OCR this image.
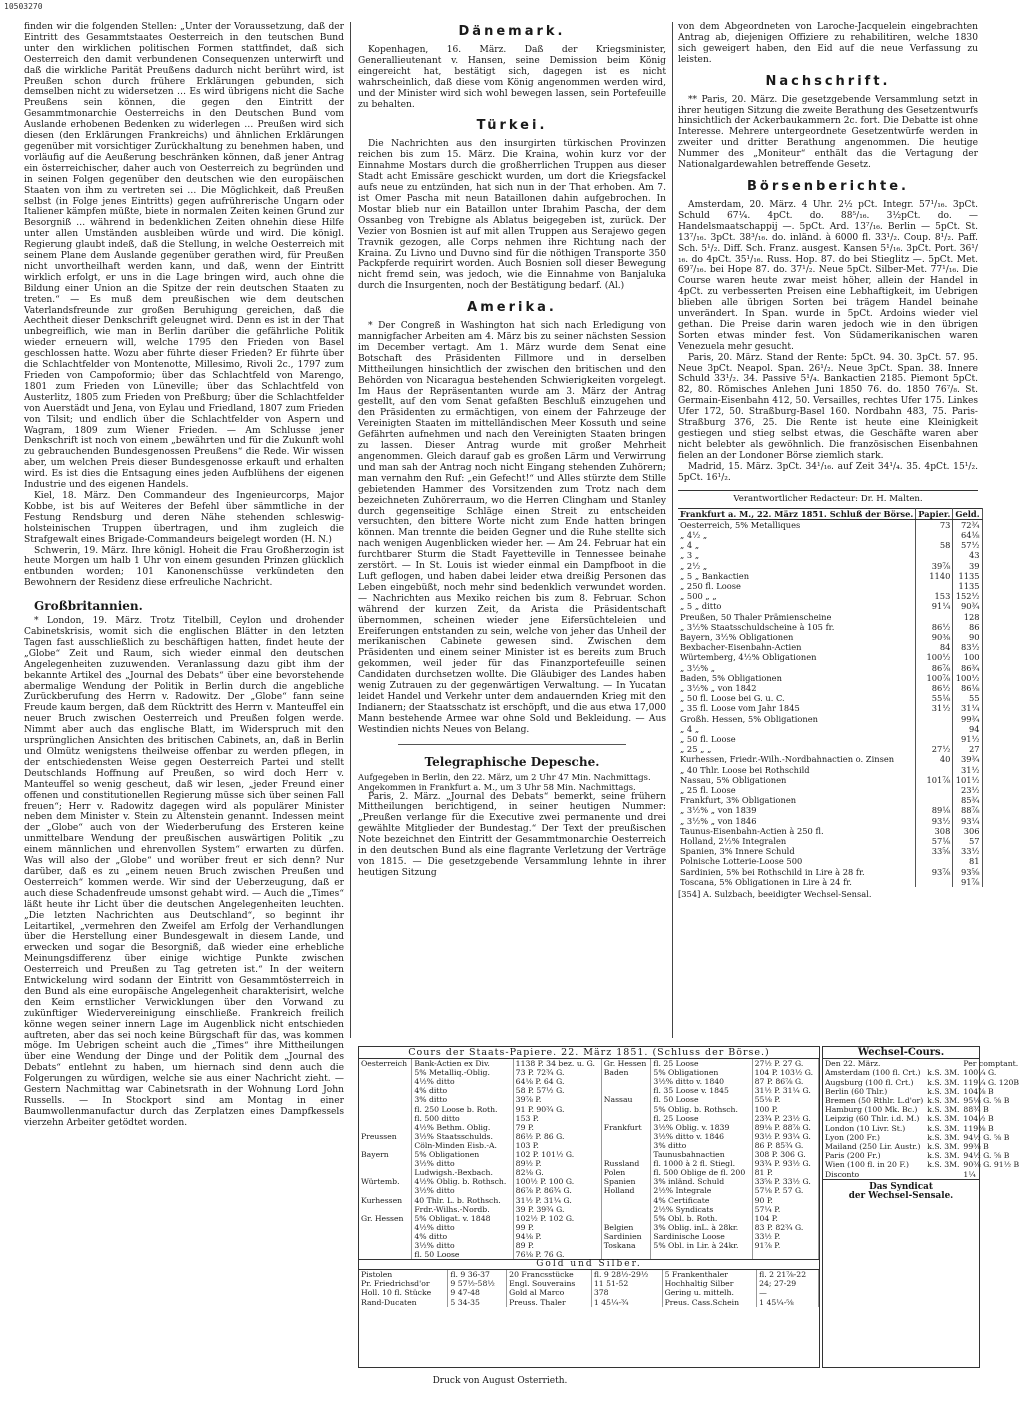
10503270

finden wir die folgenden Stellen: „Unter der Voraussetzung, daß der Eintritt des Gesammtstaates Oesterreich in den teutschen Bund unter den wirklichen politischen Formen stattfindet, daß sich Oesterreich den damit verbundenen Consequenzen unterwirft und daß die wirkliche Parität Preußens dadurch nicht berührt wird, ist Preußen schon durch frühere Erklärungen gebunden, sich demselben nicht zu widersetzen … Es wird übrigens nicht die Sache Preußens sein können, die gegen den Eintritt der Gesammtmonarchie Oesterreichs in den Deutschen Bund vom Auslande erhobenen Bedenken zu widerlegen … Preußen wird sich diesen (den Erklärungen Frankreichs) und ähnlichen Erklärungen gegenüber mit vorsichtiger Zurückhaltung zu benehmen haben, und vorläufig auf die Aeußerung beschränken können, daß jener Antrag ein österreichischer, daher auch von Oesterreich zu begründen und in seinen Folgen gegenüber den deutschen wie den europäischen Staaten von ihm zu vertreten sei … Die Möglichkeit, daß Preußen selbst (in Folge jenes Eintritts) gegen aufrührerische Ungarn oder Italiener kämpfen müßte, biete in normalen Zeiten keinen Grund zur Besorgniß … während in bedenklichen Zeiten ohnehin diese Hilfe unter allen Umständen ausbleiben würde und wird. Die königl. Regierung glaubt indeß, daß die Stellung, in welche Oesterreich mit seinem Plane dem Auslande gegenüber gerathen wird, für Preußen nicht unvortheilhaft werden kann, und daß, wenn der Eintritt wirklich erfolgt, er uns in die Lage bringen wird, auch ohne die Bildung einer Union an die Spitze der rein deutschen Staaten zu treten.“ — Es muß dem preußischen wie dem deutschen Vaterlandsfreunde zur großen Beruhigung gereichen, daß die Aechtheit dieser Denkschrift geleugnet wird. Denn es ist in der That unbegreiflich, wie man in Berlin darüber die gefährliche Politik wieder erneuern will, welche 1795 den Frieden von Basel geschlossen hatte. Wozu aber führte dieser Frieden? Er führte über die Schlachtfelder von Montenotte, Millesimo, Rivoli 2c., 1797 zum Frieden von Campoformio; über das Schlachtfeld von Marengo, 1801 zum Frieden von Lüneville; über das Schlachtfeld von Austerlitz, 1805 zum Frieden von Preßburg; über die Schlachtfelder von Auerstädt und Jena, von Eylau und Friedland, 1807 zum Frieden von Tilsit; und endlich über die Schlachtfelder von Aspern und Wagram, 1809 zum Wiener Frieden. — Am Schlusse jener Denkschrift ist noch von einem „bewährten und für die Zukunft wohl zu gebrauchenden Bundesgenossen Preußens“ die Rede. Wir wissen aber, um welchen Preis dieser Bundesgenosse erkauft und erhalten wird. Es ist dies die Entsagung eines jeden Aufblühens der eigenen Industrie und des eigenen Handels.

Kiel, 18. März. Den Commandeur des Ingenieurcorps, Major Kobbe, ist bis auf Weiteres der Befehl über sämmtliche in der Festung Rendsburg und deren Nähe stehenden schleswig-holsteinischen Truppen übertragen, und ihm zugleich die Strafgewalt eines Brigade-Commandeurs beigelegt worden (H. N.)

Schwerin, 19. März. Ihre königl. Hoheit die Frau Großherzogin ist heute Morgen um halb 1 Uhr von einem gesunden Prinzen glücklich entbunden worden; 101 Kanonenschüsse verkündeten den Bewohnern der Residenz diese erfreuliche Nachricht.

Großbritannien.

* London, 19. März. Trotz Titelbill, Ceylon und drohender Cabinetskrisis, womit sich die englischen Blätter in den letzten Tagen fast ausschließlich zu beschäftigen hatten, findet heute der „Globe“ Zeit und Raum, sich wieder einmal den deutschen Angelegenheiten zuzuwenden. Veranlassung dazu gibt ihm der bekannte Artikel des „Journal des Debats“ über eine bevorstehende abermalige Wendung der Politik in Berlin durch die angebliche Zurückberufung des Herrn v. Radowitz. Der „Globe“ fann seine Freude kaum bergen, daß dem Rücktritt des Herrn v. Manteuffel ein neuer Bruch zwischen Oesterreich und Preußen folgen werde. Nimmt aber auch das englische Blatt, im Widerspruch mit den ursprünglichen Ansichten des britischen Cabinets, an, daß in Berlin und Olmütz wenigstens theilweise offenbar zu werden pflegen, in der entschiedensten Weise gegen Oesterreich Partei und stellt Deutschlands Hoffnung auf Preußen, so wird doch Herr v. Manteuffel so wenig gescheut, daß wir lesen, „jeder Freund einer offenen und constitutionellen Regierung müsse sich über seinen Fall freuen“; Herr v. Radowitz dagegen wird als populärer Minister neben dem Minister v. Stein zu Altenstein genannt. Indessen meint der „Globe“ auch von der Wiederberufung des Ersteren keine unmittelbare Wendung der preußischen auswärtigen Politik „zu einem männlichen und ehrenvollen System“ erwarten zu dürfen. Was will also der „Globe“ und worüber freut er sich denn? Nur darüber, daß es zu „einem neuen Bruch zwischen Preußen und Oesterreich“ kommen werde. Wir sind der Ueberzeugung, daß er auch diese Schadenfreude umsonst gehabt wird. — Auch die „Times“ läßt heute ihr Licht über die deutschen Angelegenheiten leuchten. „Die letzten Nachrichten aus Deutschland“, so beginnt ihr Leitartikel, „vermehren den Zweifel am Erfolg der Verhandlungen über die Herstellung einer Bundesgewalt in diesem Lande, und erwecken und sogar die Besorgniß, daß wieder eine erhebliche Meinungsdifferenz über einige wichtige Punkte zwischen Oesterreich und Preußen zu Tag getreten ist.“ In der weitern Entwickelung wird sodann der Eintritt von Gesammtösterreich in den Bund als eine europäische Angelegenheit charakterisirt, welche den Keim ernstlicher Verwicklungen über den Vorwand zu zukünftiger Wiedervereinigung einschließe. Frankreich freilich könne wegen seiner innern Lage im Augenblick nicht entschieden auftreten, aber das sei noch keine Bürgschaft für das, was kommen möge. Im Uebrigen scheint auch die „Times“ ihre Mittheilungen über eine Wendung der Dinge und der Politik dem „Journal des Debats“ entlehnt zu haben, um hiernach sind denn auch die Folgerungen zu würdigen, welche sie aus einer Nachricht zieht. — Gestern Nachmittag war Cabinetsrath in der Wohnung Lord John Russells. — In Stockport sind am Montag in einer Baumwollenmanufactur durch das Zerplatzen eines Dampfkessels vierzehn Arbeiter getödtet worden.

Dänemark.

Kopenhagen, 16. März. Daß der Kriegsminister, Generallieutenant v. Hansen, seine Demission beim König eingereicht hat, bestätigt sich, dagegen ist es nicht wahrscheinlich, daß diese vom König angenommen werden wird, und der Minister wird sich wohl bewegen lassen, sein Portefeuille zu behalten.

Türkei.

Die Nachrichten aus den insurgirten türkischen Provinzen reichen bis zum 15. März. Die Kraina, wohin kurz vor der Einnahme Mostars durch die großherrlichen Truppen aus dieser Stadt acht Emissäre geschickt wurden, um dort die Kriegsfackel aufs neue zu entzünden, hat sich nun in der That erhoben. Am 7. ist Omer Pascha mit neun Bataillonen dahin aufgebrochen. In Mostar blieb nur ein Bataillon unter Ibrahim Pascha, der dem Ossanbeg von Trebigne als Ablatus beigegeben ist, zurück. Der Vezier von Bosnien ist auf mit allen Truppen aus Serajewo gegen Travnik gezogen, alle Corps nehmen ihre Richtung nach der Kraina. Zu Livno und Duvno sind für die nöthigen Transporte 350 Packpferde requirirt worden. Auch Bosnien soll dieser Bewegung nicht fremd sein, was jedoch, wie die Einnahme von Banjaluka durch die Insurgenten, noch der Bestätigung bedarf. (Al.)

Amerika.

* Der Congreß in Washington hat sich nach Erledigung von mannigfacher Arbeiten am 4. März bis zu seiner nächsten Session im December vertagt. Am 1. März wurde dem Senat eine Botschaft des Präsidenten Fillmore und in derselben Mittheilungen hinsichtlich der zwischen den britischen und den Behörden von Nicaragua bestehenden Schwierigkeiten vorgelegt. Im Haus der Repräsentanten wurde am 3. März der Antrag gestellt, auf den vom Senat gefaßten Beschluß einzugehen und den Präsidenten zu ermächtigen, von einem der Fahrzeuge der Vereinigten Staaten im mittelländischen Meer Kossuth und seine Gefährten aufnehmen und nach den Vereinigten Staaten bringen zu lassen. Dieser Antrag wurde mit großer Mehrheit angenommen. Gleich darauf gab es großen Lärm und Verwirrung und man sah der Antrag noch nicht Eingang stehenden Zuhörern; man vernahm den Ruf: „ein Gefecht!“ und Alles stürzte dem Stille gebietenden Hammer des Vorsitzenden zum Trotz nach dem bezeichneten Zuhörerraum, wo die Herren Clingham und Stanley durch gegenseitige Schläge einen Streit zu entscheiden versuchten, den bittere Worte nicht zum Ende hatten bringen können. Man trennte die beiden Gegner und die Ruhe stellte sich nach wenigen Augenblicken wieder her. — Am 24. Februar hat ein furchtbarer Sturm die Stadt Fayetteville in Tennessee beinahe zerstört. — In St. Louis ist wieder einmal ein Dampfboot in die Luft geflogen, und haben dabei leider etwa dreißig Personen das Leben eingebüßt, noch mehr sind bedenklich verwundet worden. — Nachrichten aus Mexiko reichen bis zum 8. Februar. Schon während der kurzen Zeit, da Arista die Präsidentschaft übernommen, scheinen wieder jene Eifersüchteleien und Ereiferungen entstanden zu sein, welche von jeher das Unheil der merikanischen Cabinete gewesen sind. Zwischen dem Präsidenten und einem seiner Minister ist es bereits zum Bruch gekommen, weil jeder für das Finanzportefeuille seinen Candidaten durchsetzen wollte. Die Gläubiger des Landes haben wenig Zutrauen zu der gegenwärtigen Verwaltung. — In Yucatan leidet Handel und Verkehr unter dem andauernden Krieg mit den Indianern; der Staatsschatz ist erschöpft, und die aus etwa 17,000 Mann bestehende Armee war ohne Sold und Bekleidung. — Aus Westindien nichts Neues von Belang.

Telegraphische Depesche.

Aufgegeben in Berlin, den 22. März, um 2 Uhr 47 Min. Nachmittags.

Angekommen in Frankfurt a. M., um 3 Uhr 58 Min. Nachmittags.

Paris, 2. März. „Journal des Debats“ bemerkt, seine frühern Mittheilungen berichtigend, in seiner heutigen Nummer: „Preußen verlange für die Executive zwei permanente und drei gewählte Mitglieder der Bundestag.“ Der Text der preußischen Note bezeichnet den Eintritt der Gesammtmonarchie Oesterreich in den deutschen Bund als eine flagrante Verletzung der Verträge von 1815. — Die gesetzgebende Versammlung lehnte in ihrer heutigen Sitzung

von dem Abgeordneten von Laroche-Jacquelein eingebrachten Antrag ab, diejenigen Offiziere zu rehabilitiren, welche 1830 sich geweigert haben, den Eid auf die neue Verfassung zu leisten.

Nachschrift.

** Paris, 20. März. Die gesetzgebende Versammlung setzt in ihrer heutigen Sitzung die zweite Berathung des Gesetzentwurfs hinsichtlich der Ackerbaukammern 2c. fort. Die Debatte ist ohne Interesse. Mehrere untergeordnete Gesetzentwürfe werden in zweiter und dritter Berathung angenommen. Die heutige Nummer des „Moniteur“ enthält das die Vertagung der Nationalgardewahlen betreffende Gesetz.

Börsenberichte.

Amsterdam, 20. März. 4 Uhr. 2½ pCt. Integr. 57¹/₁₆. 3pCt. Schuld 67¼. 4pCt. do. 88⁵/₁₆. 3½pCt. do. — Handelsmaatschappij —. 5pCt. Ard. 13⁷/₁₆. Berlin — 5pCt. St. 13⁷/₁₆. 3pCt. 38³/₁₆. do. inländ. à 6000 fl. 33¹/₂. Coup. 8¹/₂. Paff. Sch. 5¹/₂. Diff. Sch. Franz. ausgest. Kansen 5¹/₁₆. 3pCt. Port. 36¹/₁₆. do 4pCt. 35¹/₁₆. Russ. Hop. 87. do bei Stieglitz —. 5pCt. Met. 69⁷/₁₆. bei Hope 87. do. 37¹/₂. Neue 5pCt. Silber-Met. 77¹/₁₆. Die Course waren heute zwar meist höher, allein der Handel in 4pCt. zu verbesserten Preisen eine Lebhaftigkeit, im Uebrigen blieben alle übrigen Sorten bei trägem Handel beinahe unverändert. In Span. wurde in 5pCt. Ardoins wieder viel gethan. Die Preise darin waren jedoch wie in den übrigen Sorten etwas minder fest. Von Südamerikanischen waren Venezuela mehr gesucht.

Paris, 20. März. Stand der Rente: 5pCt. 94. 30. 3pCt. 57. 95. Neue 3pCt. Neapol. Span. 26¹/₂. Neue 3pCt. Span. 38. Innere Schuld 33¹/₂. 34. Passive 5¹/₄. Bankactien 2185. Piemont 5pCt. 82, 80. Römisches Anlehen Juni 1850 76. do. 1850 76⁷/₈. St. Germain-Eisenbahn 412, 50. Versailles, rechtes Ufer 175. Linkes Ufer 172, 50. Straßburg-Basel 160. Nordbahn 483, 75. Paris-Straßburg 376, 25. Die Rente ist heute eine Kleinigkeit gestiegen und stieg selbst etwas, die Geschäfte waren aber nicht belebter als gewöhnlich. Die französischen Eisenbahnen fielen an der Londoner Börse ziemlich stark.

Madrid, 15. März. 3pCt. 34¹/₁₆. auf Zeit 34¹/₄. 35. 4pCt. 15¹/₂. 5pCt. 16¹/₂.

Verantwortlicher Redacteur: Dr. H. Malten.
Frankfurt a. M., 22. März 1851. Schluß der Börse.	Papier.	Geld.
Oesterreich, 5% Metalliques	73	72¾
„ 4½ „		64⅛
„ 4 „	58	57½
„ 3 „		43
„ 2½ „	39⅞	39
„ 5 „ Bankactien	1140	1135
„ 250 fl. Loose		1135
„ 500 „ „	153	152½
„ 5 „ ditto	91¼	90¾
Preußen, 50 Thaler Prämienscheine		128
„ 3½% Staatsschuldscheine à 105 fr.	86½	86
Bayern, 3½% Obligationen	90⅜	90
Bexbacher-Eisenbahn-Actien	84	83½
Würtemberg, 4½% Obligationen	100½	100
„ 3½% „	86⅞	86¾
Baden, 5% Obligationen	100⅞	100½
„ 3½% „ von 1842	86½	86⅛
„ 50 fl. Loose bei G. u. C.	55⅛	55
„ 35 fl. Loose vom Jahr 1845	31½	31¼
Großh. Hessen, 5% Obligationen		99¾
„ 4 „		94
„ 50 fl. Loose		91½
„ 25 „ „	27½	27
Kurhessen, Friedr.-Wilh.-Nordbahnactien o. Zinsen	40	39¾
„ 40 Thlr. Loose bei Rothschild		31½
Nassau, 5% Obligationen	101⅞	101½
„ 25 fl. Loose		23½
Frankfurt, 3% Obligationen		85¾
„ 3½% „ von 1839	89⅛	88⅞
„ 3½% „ von 1846	93½	93¼
Taunus-Eisenbahn-Actien à 250 fl.	308	306
Holland, 2½% Integralen	57⅛	57
Spanien, 3% Innere Schuld	33⅝	33½
Polnische Lotterie-Loose 500		81
Sardinien, 5% bei Rothschild in Lire à 28 fr.	93⅞	93⅝
Toscana, 5% Obligationen in Lire à 24 fr.		91⅞
[354] A. Sulzbach, beeidigter Wechsel-Sensal.
Cours der Staats-Papiere. 22. März 1851. (Schluss der Börse.)
Oesterreich	Bank-Actien ex Div.	1138 P. 34 bez. u. G.	Gr. Hessen	fl. 25 Loose	27½ P. 27 G.
	5% Metalliq.-Oblig.	73 P. 72¾ G.	Baden	5% Obligationen	104 P. 103½ G.
	4½% ditto	64⅛ P. 64 G.		3½% ditto v. 1840	87 P. 86⅞ G.
	4% ditto	58 P. 57½ G.		fl. 35 Loose v. 1845	31½ P. 31¼ G.
	3% ditto	39⅞ P.	Nassau	fl. 50 Loose	55⅛ P.
	fl. 250 Loose b. Roth.	91 P. 90¾ G.		5% Oblig. b. Rothsch.	100 P.
	fl. 500 ditto	153 P.		fl. 25 Loose	23¾ P. 23½ G.
	4½% Bethm. Oblig.	79 P.	Frankfurt	3½% Oblig. v. 1839	89⅛ P. 88⅞ G.
Preussen	3½% Staatsschulds.	86½ P. 86 G.		3½% ditto v. 1846	93½ P. 93¼ G.
	Cöln-Minden Eisb.-A.	103 P.		3% ditto	86 P. 85¾ G.
Bayern	5% Obligationen	102 P. 101½ G.		Taunusbahnactien	308 P. 306 G.
	3½% ditto	89½ P.	Russland	fl. 1000 à 2 fl. Stiegl.	93¾ P. 93½ G.
	Ludwigsh.-Bexbach.	82⅛ G.	Polen	fl. 500 Oblige de fl. 200	81 P.
Würtemb.	4½% Oblig. b. Rothsch.	100½ P. 100 G.	Spanien	3% inländ. Schuld	33⅝ P. 33½ G.
	3½% ditto	86⅞ P. 86¾ G.	Holland	2½% Integrale	57⅛ P. 57 G.
Kurhessen	40 Thlr. L. b. Rothsch.	31½ P. 31¼ G.		4% Certificate	90 P.
	Frdr.-Wilhs.-Nordb.	39 P. 39¾ G.		2½% Syndicats	57¼ P.
Gr. Hessen	5% Obligat. v. 1848	102½ P. 102 G.		5% Obl. b. Roth.	104 P.
	4½% ditto	99 P.	Belgien	3% Oblig. inL. à 28kr.	83 P. 82¾ G.
	4% ditto	94⅛ P.	Sardinien	Sardinische Loose	33½ P.
	3½% ditto	89 P.	Toskana	5% Obl. in Lir. à 24kr.	91⅞ P.
	fl. 50 Loose	76⅛ P. 76 G.			
Gold und Silber.
Pistolen	fl. 9 36-37	20 Francsstücke	fl. 9 28½-29½	5 Frankenthaler	fl. 2 21⅞-22
Pr. Friedrichsd'or	9 57½-58½	Engl. Souverains	11 51-52	Hochhaltig Silber	24; 27-29
Holl. 10 fl. Stücke	9 47-48	Gold al Marco	378	Gering u. mittelh.	—
Rand-Ducaten	5 34-35	Preuss. Thaler	1 45¼-¾	Preus. Cass.Schein	1 45¼-⅝
Wechsel-Cours.
Den 22. März.		Per comptant.
Amsterdam (100 fl. Crt.)	k.S. 3M.	100¼ G.
Augsburg (100 fl. Crt.)	k.S. 3M.	119¼ G. 120B
Berlin (60 Thlr.)	k.S. 3M.	104⅞ B
Bremen (50 Rthlr. L.d'or)	k.S. 3M.	95⅛ G. ⅝ B
Hamburg (100 Mk. Bc.)	k.S. 3M.	88¾ B
Leipzig (60 Thlr. i.d. M.)	k.S. 3M.	104½ B
London (10 Livr. St.)	k.S. 3M.	119⅜ B
Lyon (200 Fr.)	k.S. 3M.	94½ G. ⅝ B
Mailand (250 Lir. Austr.)	k.S. 3M.	99⅜ B
Paris (200 Fr.)	k.S. 3M.	94½ G. ⅝ B
Wien (100 fl. in 20 F.)	k.S. 3M.	90⅜ G. 91½ B
Disconto		1¼
Das Syndicat
der Wechsel-Sensale.
Druck von August Osterrieth.
